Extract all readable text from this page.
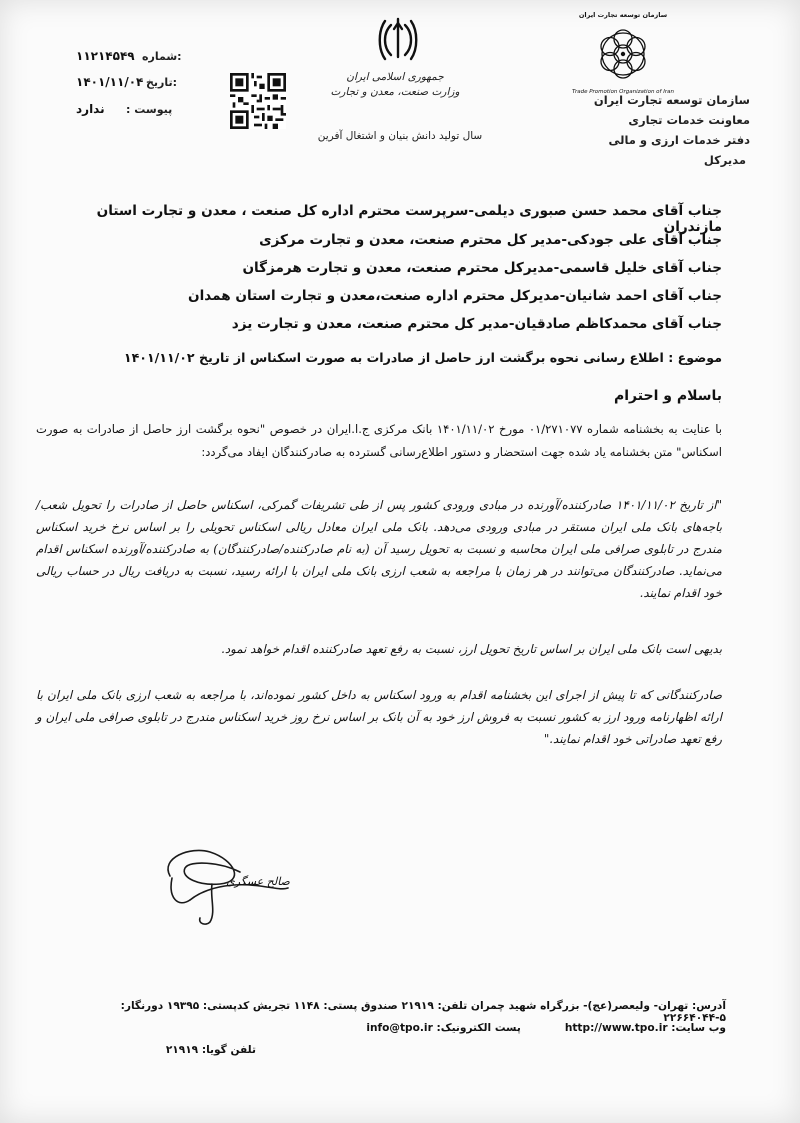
شماره:
۱۱۲۱۴۵۴۹
تاریخ:
۱۴۰۱/۱۱/۰۴
پیوست :
ندارد
جمهوری اسلامی ایران
وزارت صنعت، معدن و تجارت
سال تولید دانش بنیان و اشتغال آفرین
سازمان توسعه تجارت ایران
Trade Promotion Organization of Iran
سازمان توسعه تجارت ایران
معاونت خدمات تجاری
دفتر خدمات ارزی و مالی
مدیرکل
جناب آقای محمد حسن صبوری دیلمی-سرپرست محترم اداره کل صنعت ، معدن و تجارت استان مازندران
جناب آقای علی جودکی-مدیر کل محترم صنعت، معدن و تجارت مرکزی
جناب آقای خلیل قاسمی-مدیرکل محترم صنعت، معدن و تجارت هرمزگان
جناب آقای احمد شانیان-مدیرکل محترم اداره صنعت،معدن و تجارت استان همدان
جناب آقای محمدکاظم صادقیان-مدیر کل محترم صنعت، معدن و تجارت یزد
موضوع : اطلاع رسانی نحوه برگشت ارز حاصل از صادرات به صورت اسکناس از تاریخ ۱۴۰۱/۱۱/۰۲
باسلام و احترام
با عنایت به بخشنامه شماره ۰۱/۲۷۱۰۷۷ مورخ ۱۴۰۱/۱۱/۰۲ بانک مرکزی ج.ا.ایران در خصوص "نحوه برگشت ارز حاصل از صادرات به صورت اسکناس" متن بخشنامه یاد شده جهت استحضار و دستور اطلاع‌رسانی گسترده به صادرکنندگان ایفاد می‌گردد:
"از تاریخ ۱۴۰۱/۱۱/۰۲ صادرکننده/آورنده در مبادی ورودی کشور پس از طی تشریفات گمرکی، اسکناس حاصل از صادرات را تحویل شعب/باجه‌های بانک ملی ایران مستقر در مبادی ورودی می‌دهد. بانک ملی ایران معادل ریالی اسکناس تحویلی را بر اساس نرخ خرید اسکناس مندرج در تابلوی صرافی ملی ایران محاسبه و نسبت به تحویل رسید آن (به نام صادرکننده/صادرکنندگان) به صادرکننده/آورنده اسکناس اقدام می‌نماید. صادرکنندگان می‌توانند در هر زمان با مراجعه به شعب ارزی بانک ملی ایران با ارائه رسید، نسبت به دریافت ریال در حساب ریالی خود اقدام نمایند.
بدیهی است بانک ملی ایران بر اساس تاریخ تحویل ارز، نسبت به رفع تعهد صادرکننده اقدام خواهد نمود.
صادرکنندگانی که تا پیش از اجرای این بخشنامه اقدام به ورود اسکناس به داخل کشور نموده‌اند، با مراجعه به شعب ارزی بانک ملی ایران با ارائه اظهارنامه ورود ارز به کشور نسبت به فروش ارز خود به آن بانک بر اساس نرخ روز خرید اسکناس مندرج در تابلوی صرافی ملی ایران و رفع تعهد صادراتی خود اقدام نمایند."
صالح عسگری
آدرس: تهران- ولیعصر(عج)- بزرگراه شهید چمران تلفن: ۲۱۹۱۹ صندوق پستی: ۱۱۴۸ تجریش کدپستی: ۱۹۳۹۵ دورنگار: ۵-۲۲۶۶۴۰۴۴
وب سایت: http://www.tpo.ir
پست الکترونیک: info@tpo.ir
تلفن گویا: ۲۱۹۱۹
